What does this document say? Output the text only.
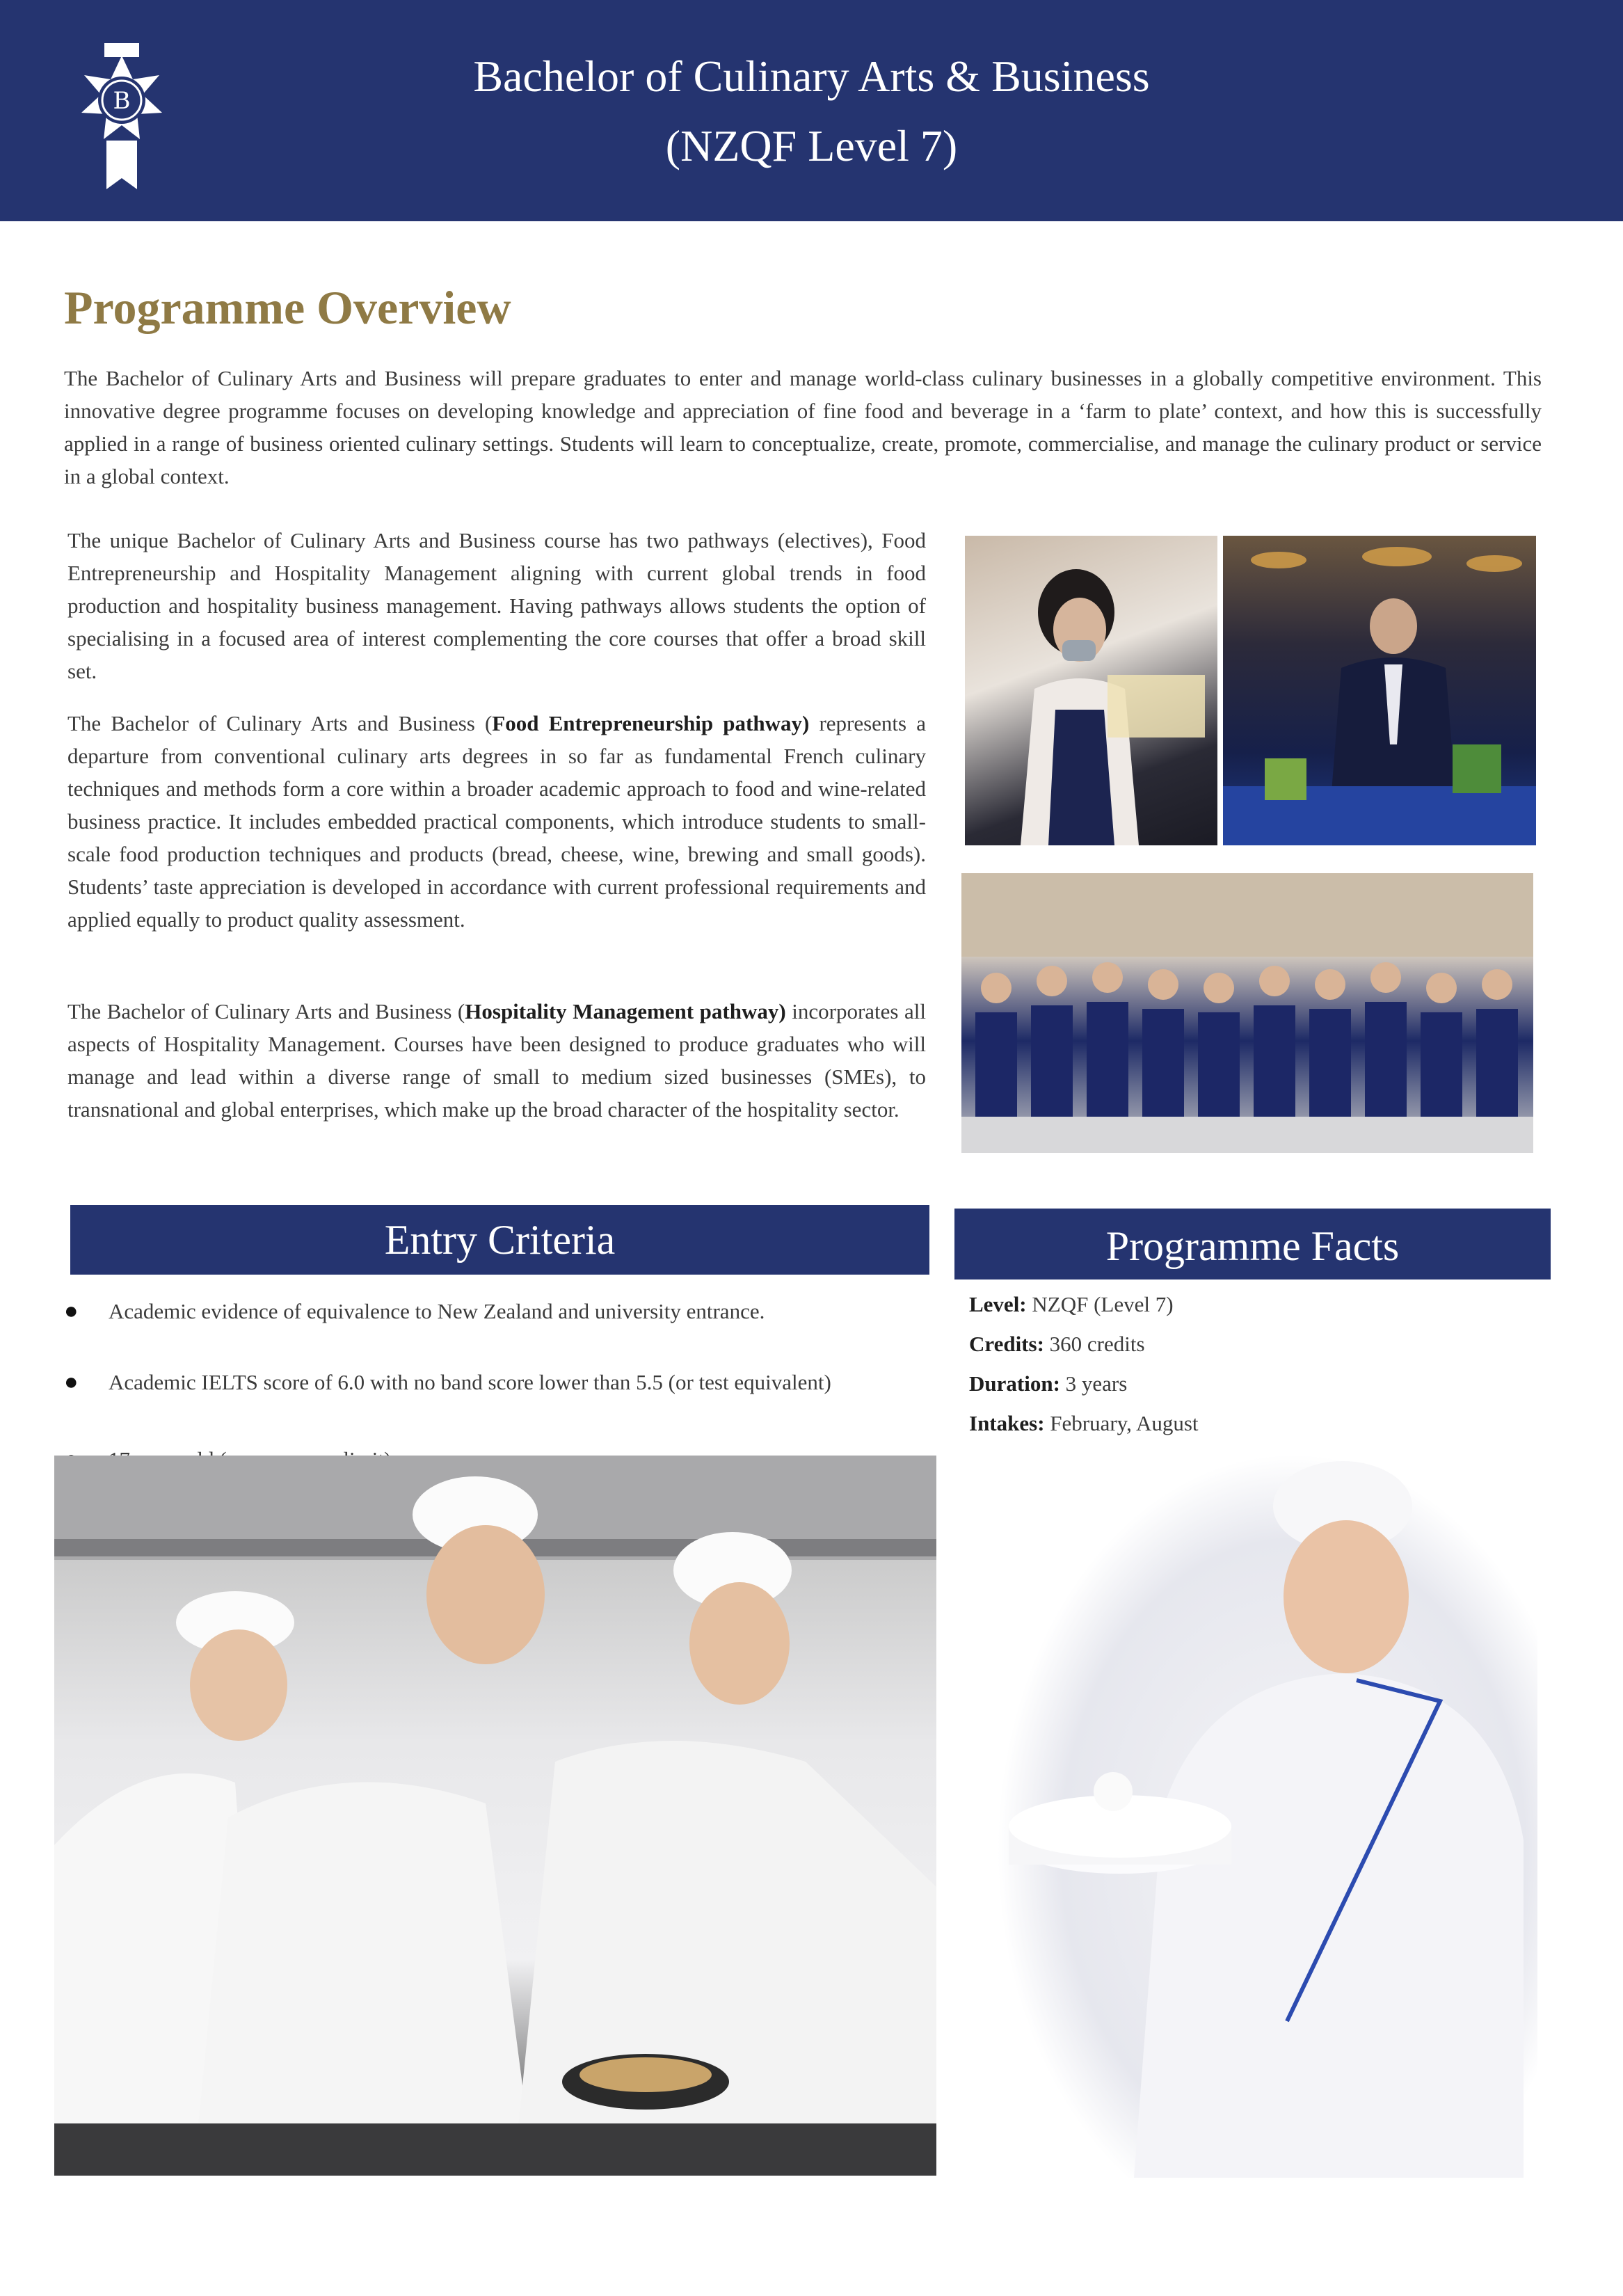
B	Bachelor of Culinary Arts & Business
(NZQF Level 7)
Programme Overview

The Bachelor of Culinary Arts and Business will prepare graduates to enter and manage world-class culinary businesses in a globally competitive environment. This innovative degree programme focuses on developing knowledge and appreciation of fine food and beverage in a ‘farm to plate’ context, and how this is successfully applied in a range of business oriented culinary settings. Students will learn to conceptualize, create, promote, commercialise, and manage the culinary product or service in a global context.

The unique Bachelor of Culinary Arts and Business course has two pathways (electives), Food Entrepreneurship and Hospitality Management aligning with current global trends in food production and hospitality business management. Having pathways allows students the option of specialising in a focused area of interest complementing the core courses that offer a broad skill set.

The Bachelor of Culinary Arts and Business (Food Entrepreneurship pathway) represents a departure from conventional culinary arts degrees in so far as fundamental French culinary techniques and methods form a core within a broader academic approach to food and wine-related business practice. It includes embedded practical components, which introduce students to small-scale food production techniques and products (bread, cheese, wine, brewing and small goods). Students’ taste appreciation is developed in accordance with current professional requirements and applied equally to product quality assessment.

The Bachelor of Culinary Arts and Business (Hospitality Management pathway) incorporates all aspects of Hospitality Management. Courses have been designed to produce graduates who will manage and lead within a diverse range of small to medium sized businesses (SMEs), to transnational and global enterprises, which make up the broad character of the hospitality sector.

Entry Criteria	Programme Facts
● Academic evidence of equivalence to New Zealand and university entrance.
● Academic IELTS score of 6.0 with no band score lower than 5.5 (or test equivalent)
Level: NZQF (Level 7)
Credits: 360 credits
Duration: 3 years
Intakes: February, August
